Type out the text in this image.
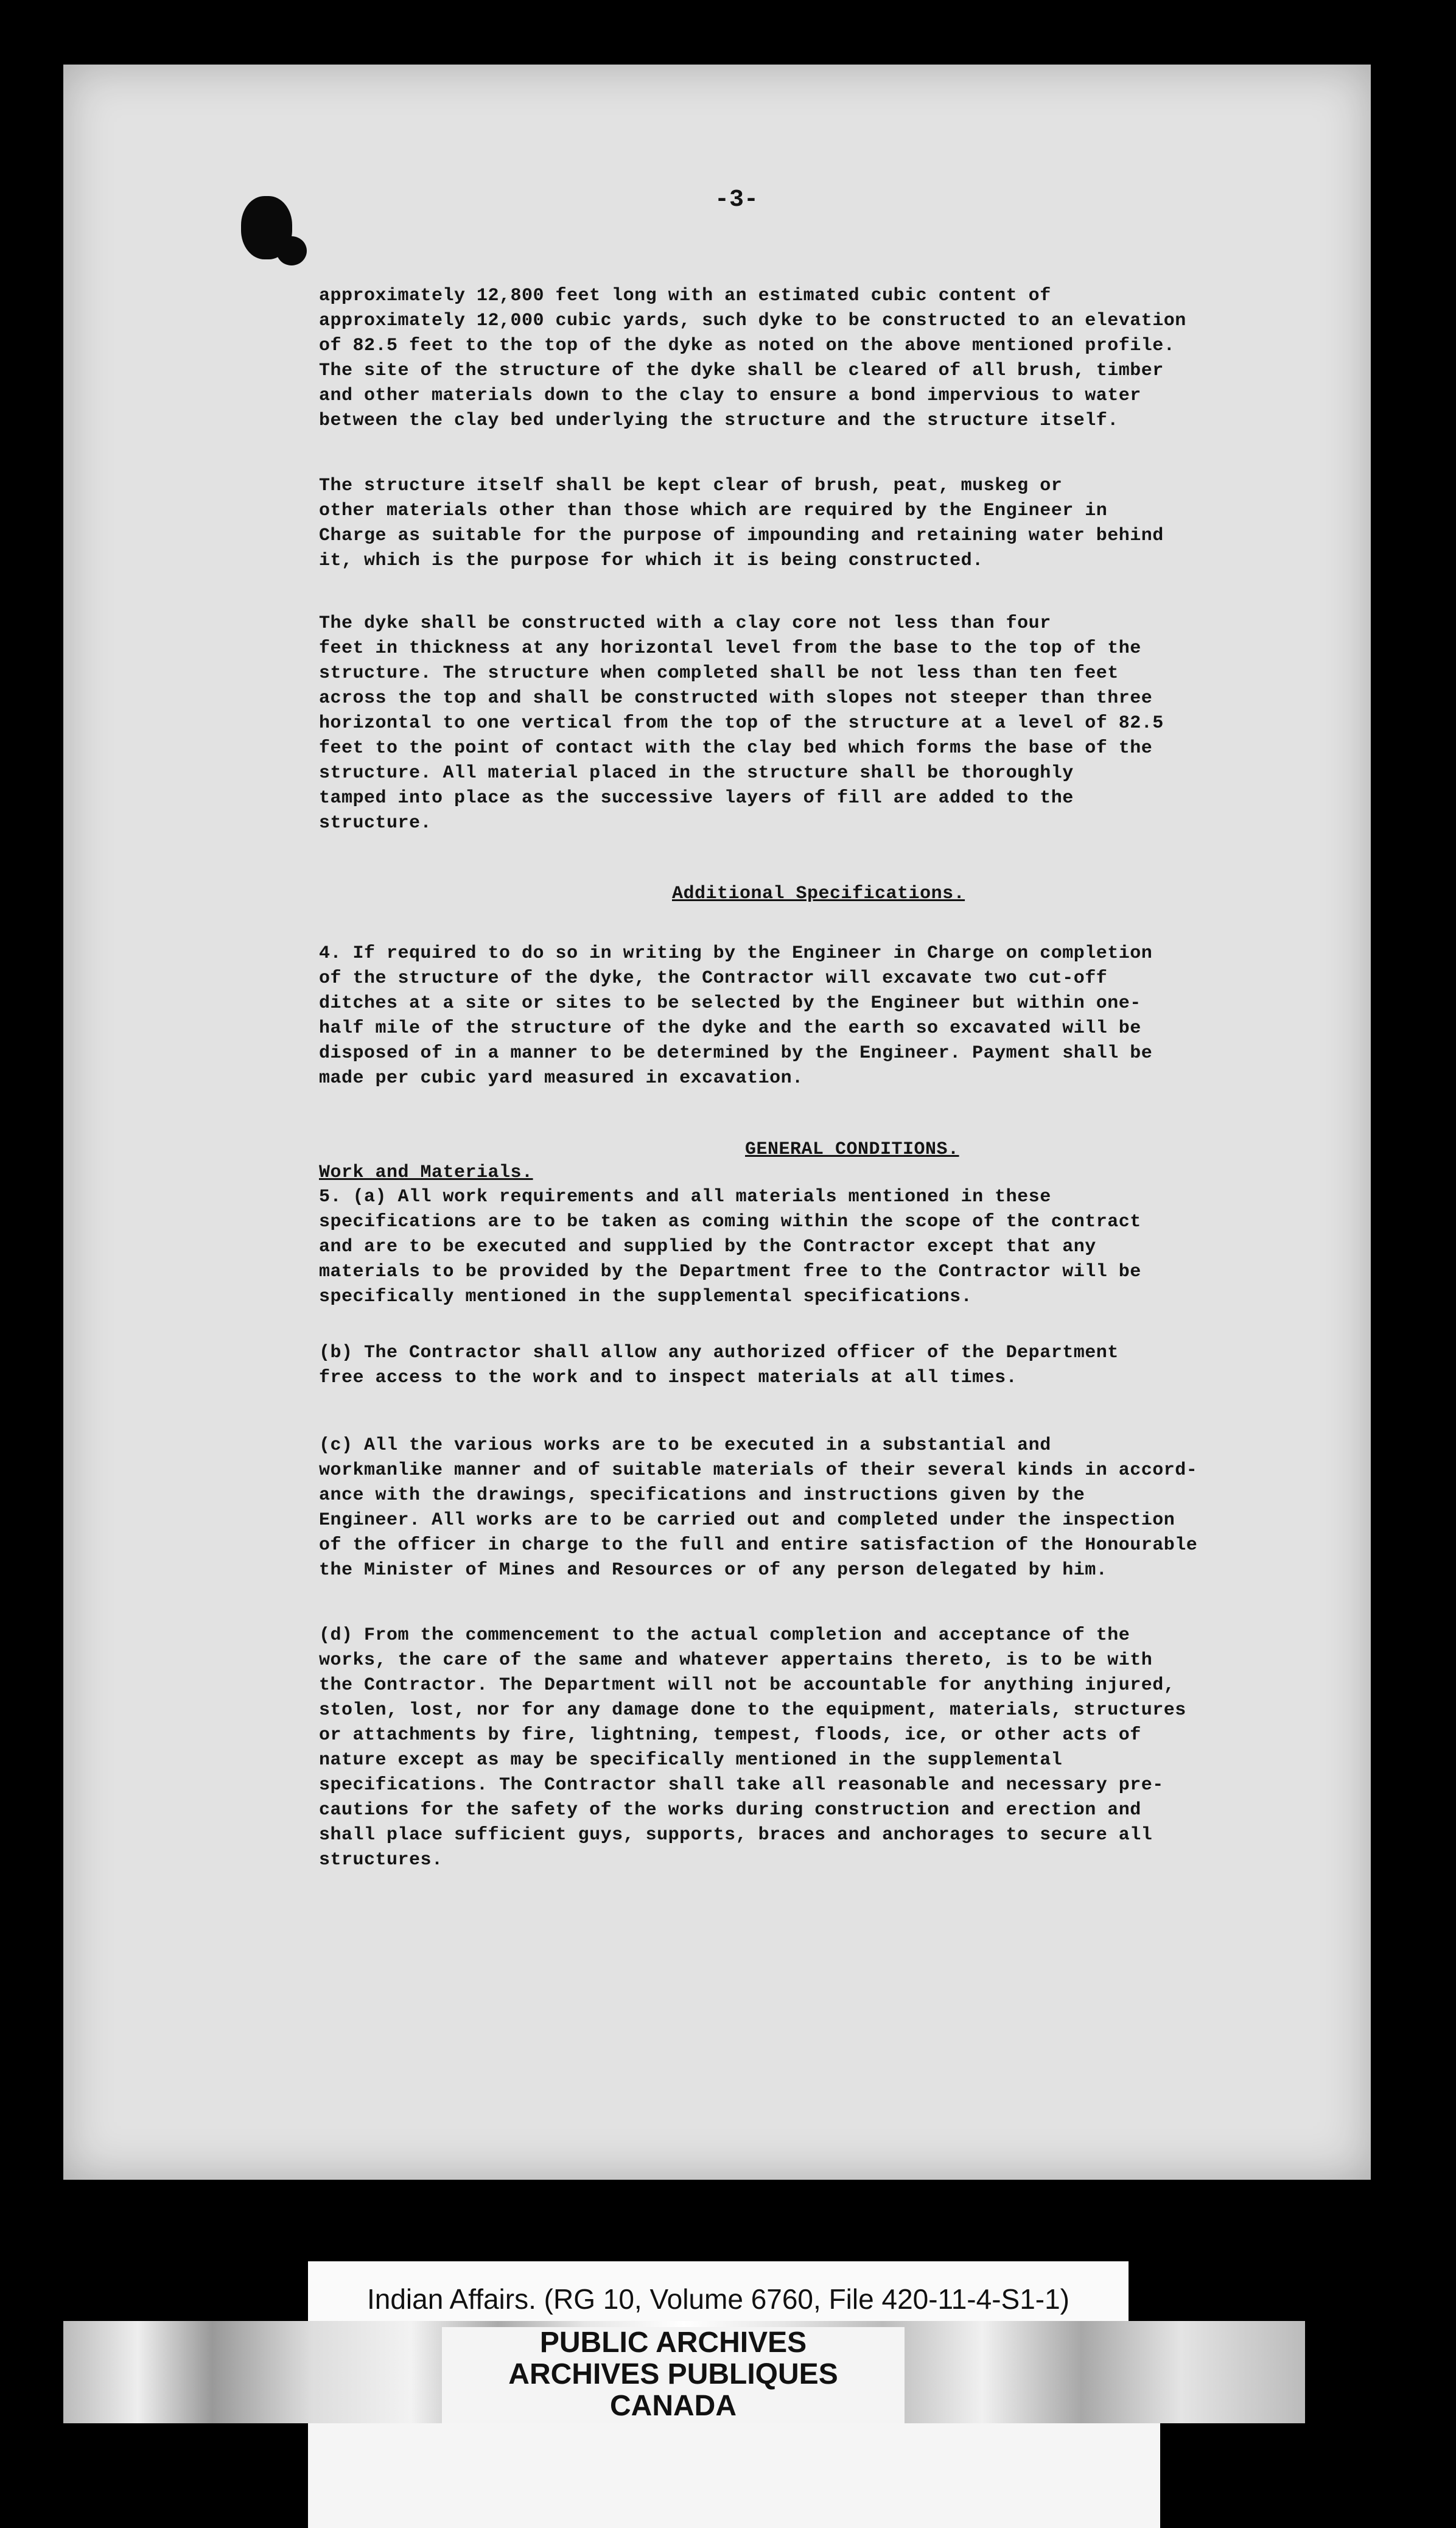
-3-

approximately 12,800 feet long with an estimated cubic content of
approximately 12,000 cubic yards, such dyke to be constructed to an elevation
of 82.5 feet to the top of the dyke as noted on the above mentioned profile.
The site of the structure of the dyke shall be cleared of all brush, timber
and other materials down to the clay to ensure a bond impervious to water
between the clay bed underlying the structure and the structure itself.

The structure itself shall be kept clear of brush, peat, muskeg or
other materials other than those which are required by the Engineer in
Charge as suitable for the purpose of impounding and retaining water behind
it, which is the purpose for which it is being constructed.

The dyke shall be constructed with a clay core not less than four
feet in thickness at any horizontal level from the base to the top of the
structure. The structure when completed shall be not less than ten feet
across the top and shall be constructed with slopes not steeper than three
horizontal to one vertical from the top of the structure at a level of 82.5
feet to the point of contact with the clay bed which forms the base of the
structure. All material placed in the structure shall be thoroughly
tamped into place as the successive layers of fill are added to the
structure.

Additional Specifications.

4. If required to do so in writing by the Engineer in Charge on completion
of the structure of the dyke, the Contractor will excavate two cut-off
ditches at a site or sites to be selected by the Engineer but within one-
half mile of the structure of the dyke and the earth so excavated will be
disposed of in a manner to be determined by the Engineer. Payment shall be
made per cubic yard measured in excavation.

GENERAL CONDITIONS.
Work and Materials.

5. (a) All work requirements and all materials mentioned in these
specifications are to be taken as coming within the scope of the contract
and are to be executed and supplied by the Contractor except that any
materials to be provided by the Department free to the Contractor will be
specifically mentioned in the supplemental specifications.

(b) The Contractor shall allow any authorized officer of the Department
free access to the work and to inspect materials at all times.

(c) All the various works are to be executed in a substantial and
workmanlike manner and of suitable materials of their several kinds in accord-
ance with the drawings, specifications and instructions given by the
Engineer. All works are to be carried out and completed under the inspection
of the officer in charge to the full and entire satisfaction of the Honourable
the Minister of Mines and Resources or of any person delegated by him.

(d) From the commencement to the actual completion and acceptance of the
works, the care of the same and whatever appertains thereto, is to be with
the Contractor. The Department will not be accountable for anything injured,
stolen, lost, nor for any damage done to the equipment, materials, structures
or attachments by fire, lightning, tempest, floods, ice, or other acts of
nature except as may be specifically mentioned in the supplemental
specifications. The Contractor shall take all reasonable and necessary pre-
cautions for the safety of the works during construction and erection and
shall place sufficient guys, supports, braces and anchorages to secure all
structures.

Indian Affairs. (RG 10, Volume 6760, File 420-11-4-S1-1)
PUBLIC ARCHIVES
ARCHIVES PUBLIQUES
CANADA
